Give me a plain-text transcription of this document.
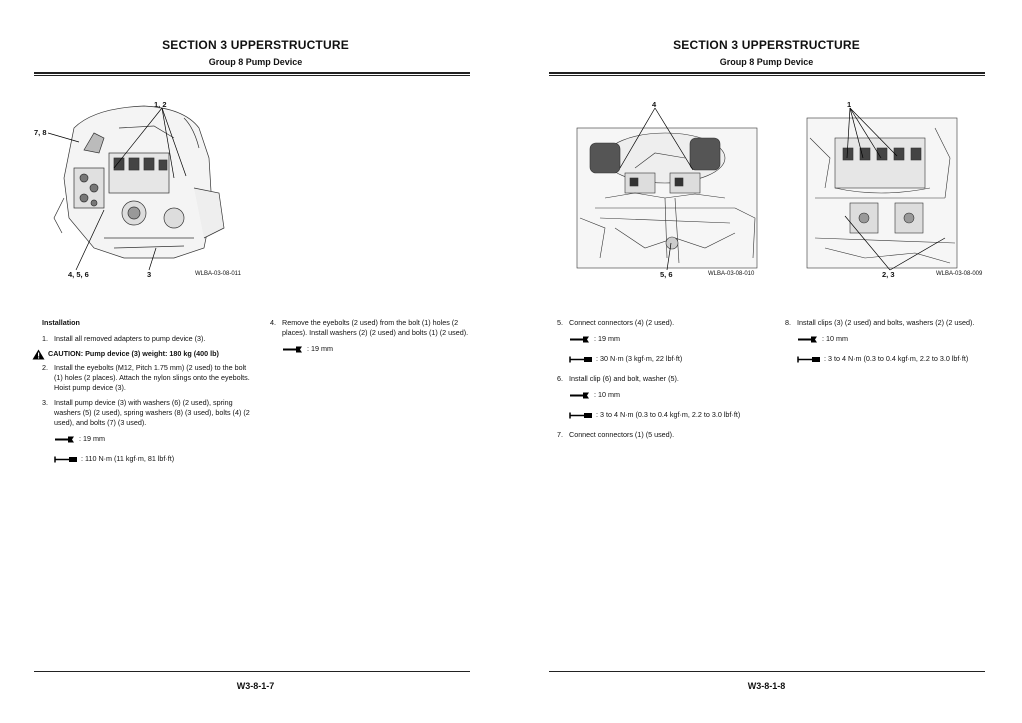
SECTION 3 UPPERSTRUCTURE
Group 8 Pump Device
1, 2
7, 8
4, 5, 6	3	WLBA-03-08-011
Installation
1. Install all removed adapters to pump device (3).
CAUTION: Pump device (3) weight: 180 kg (400 lb)
2. Install the eyebolts (M12, Pitch 1.75 mm) (2 used) to the bolt (1) holes (2 places). Attach the nylon slings onto the eyebolts. Hoist pump device (3).
3. Install pump device (3) with washers (6) (2 used), spring washers (5) (2 used), spring washers (8) (3 used), bolts (4) (2 used), and bolts (7) (3 used).
: 19 mm
: 110 N·m (11 kgf·m, 81 lbf·ft)
4. Remove the eyebolts (2 used) from the bolt (1) holes (2 places). Install washers (2) (2 used) and bolts (1) (2 used).
: 19 mm
W3-8-1-7
SECTION 3 UPPERSTRUCTURE
Group 8 Pump Device
4
5, 6	WLBA-03-08-010
1
2, 3	WLBA-03-08-009
5. Connect connectors (4) (2 used).
: 19 mm
: 30 N·m (3 kgf·m, 22 lbf·ft)
6. Install clip (6) and bolt, washer (5).
: 10 mm
: 3 to 4 N·m (0.3 to 0.4 kgf·m, 2.2 to 3.0 lbf·ft)
7. Connect connectors (1) (5 used).
8. Install clips (3) (2 used) and bolts, washers (2) (2 used).
: 10 mm
: 3 to 4 N·m (0.3 to 0.4 kgf·m, 2.2 to 3.0 lbf·ft)
W3-8-1-8
